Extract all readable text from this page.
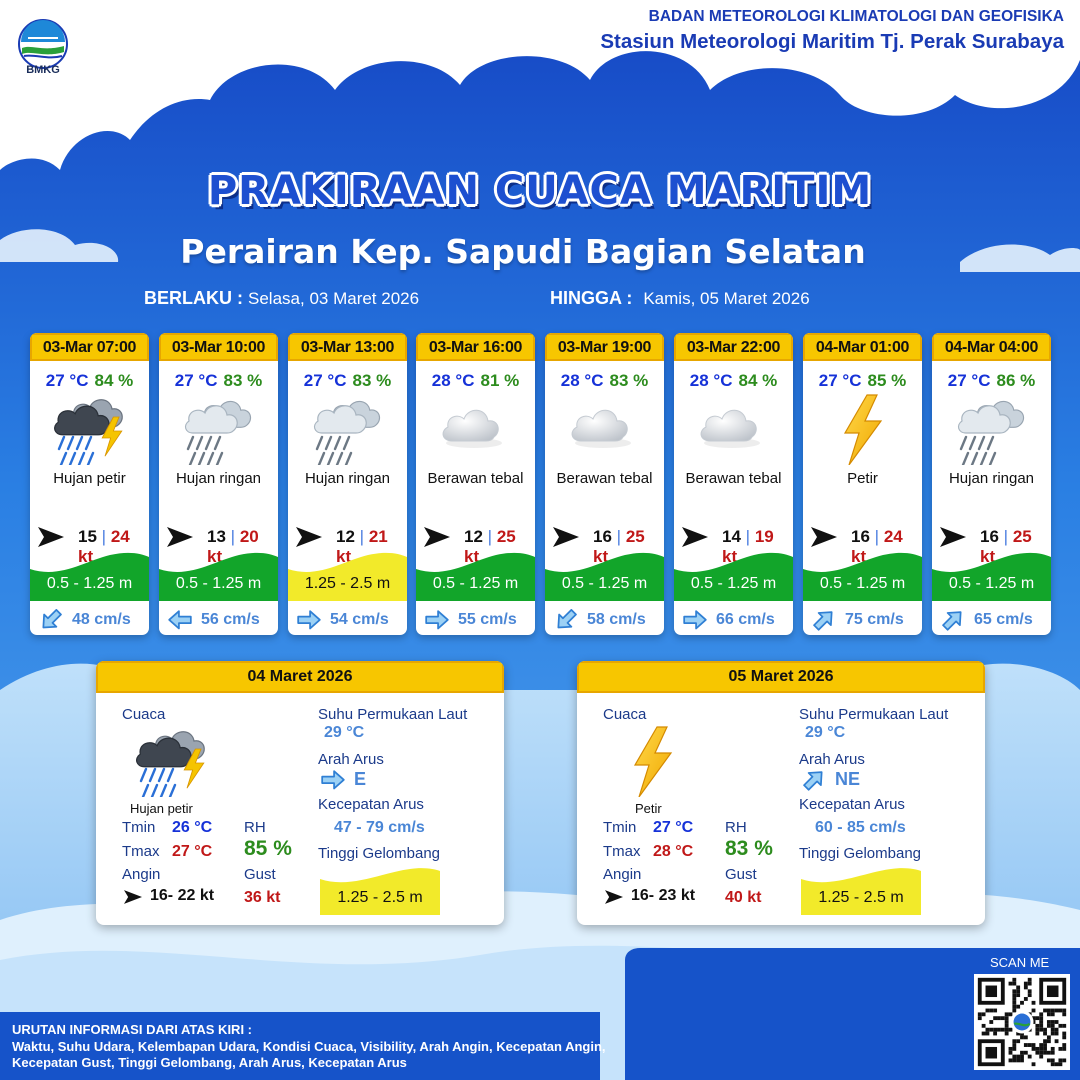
BMKG
BADAN METEOROLOGI KLIMATOLOGI DAN GEOFISIKA
Stasiun Meteorologi Maritim Tj. Perak Surabaya
PRAKIRAAN CUACA MARITIM
Perairan Kep. Sapudi Bagian Selatan
BERLAKU : Selasa, 03 Maret 2026	HINGGA : Kamis, 05 Maret 2026
03-Mar 07:00
27 °C 84 %
Hujan petir
15 | 24 kt
0.5 - 1.25 m
48 cm/s
03-Mar 10:00
27 °C 83 %
Hujan ringan
13 | 20 kt
0.5 - 1.25 m
56 cm/s
03-Mar 13:00
27 °C 83 %
Hujan ringan
12 | 21 kt
1.25 - 2.5 m
54 cm/s
03-Mar 16:00
28 °C 81 %
Berawan tebal
12 | 25 kt
0.5 - 1.25 m
55 cm/s
03-Mar 19:00
28 °C 83 %
Berawan tebal
16 | 25 kt
0.5 - 1.25 m
58 cm/s
03-Mar 22:00
28 °C 84 %
Berawan tebal
14 | 19 kt
0.5 - 1.25 m
66 cm/s
04-Mar 01:00
27 °C 85 %
Petir
16 | 24 kt
0.5 - 1.25 m
75 cm/s
04-Mar 04:00
27 °C 86 %
Hujan ringan
16 | 25 kt
0.5 - 1.25 m
65 cm/s
04 Maret 2026
Cuaca
Hujan petir
Tmin 26 °C
Tmax 27 °C
Angin
16- 22 kt
RH
85 %
Gust
36 kt
Suhu Permukaan Laut
29 °C
Arah Arus
E
Kecepatan Arus
47 - 79 cm/s
Tinggi Gelombang
1.25 - 2.5 m
05 Maret 2026
Cuaca
Petir
Tmin 27 °C
Tmax 28 °C
Angin
16- 23 kt
RH
83 %
Gust
40 kt
Suhu Permukaan Laut
29 °C
Arah Arus
NE
Kecepatan Arus
60 - 85 cm/s
Tinggi Gelombang
1.25 - 2.5 m
URUTAN INFORMASI DARI ATAS KIRI :
Waktu, Suhu Udara, Kelembapan Udara, Kondisi Cuaca, Visibility, Arah Angin, Kecepatan Angin, Kecepatan Gust, Tinggi Gelombang, Arah Arus, Kecepatan Arus
SCAN ME
